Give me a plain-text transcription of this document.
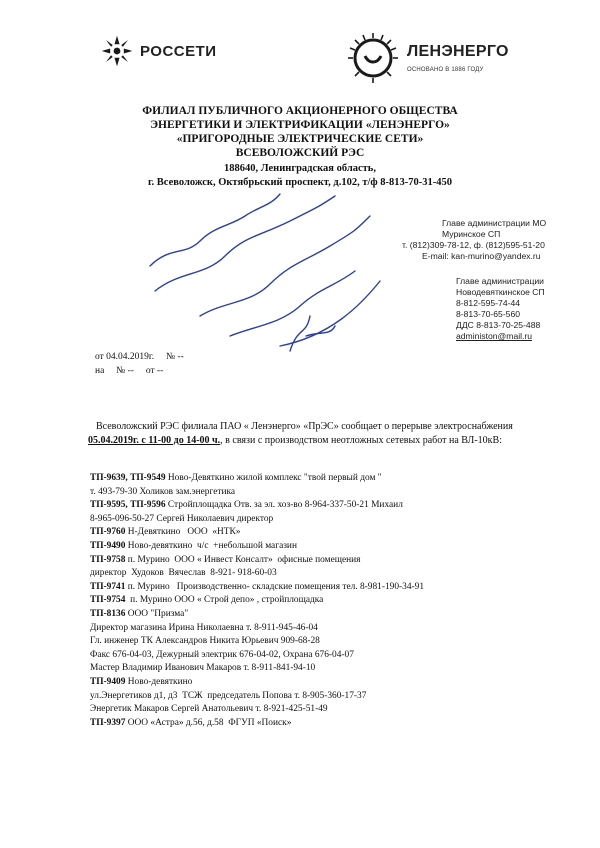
РОССЕТИ	ЛЕНЭНЕРГО
ОСНОВАНО В 1886 ГОДУ
ФИЛИАЛ ПУБЛИЧНОГО АКЦИОНЕРНОГО ОБЩЕСТВА
ЭНЕРГЕТИКИ И ЭЛЕКТРИФИКАЦИИ «ЛЕНЭНЕРГО»
«ПРИГОРОДНЫЕ ЭЛЕКТРИЧЕСКИЕ СЕТИ»
ВСЕВОЛОЖСКИЙ РЭС
188640, Ленинградская область,
г. Всеволожск, Октябрьский проспект, д.102, т/ф 8-813-70-31-450
Главе администрации МО
Муринское СП
т. (812)309-78-12, ф. (812)595-51-20
E-mail: kan-murino@yandex.ru
Главе администрации
Новодевяткинское СП
8-812-595-74-44
8-813-70-65-560
ДДС 8-813-70-25-488
administon@mail.ru
от 04.04.2019г.     № --
на     № --     от --
Всеволожский РЭС филиала ПАО « Ленэнерго» «ПрЭС» сообщает о перерыве электроснабжения
05.04.2019г. с 11-00 до 14-00 ч., в связи с производством неотложных сетевых работ на ВЛ-10кВ:
ТП-9639, ТП-9549 Ново-Девяткино жилой комплекс "твой первый дом "
т. 493-79-30 Холиков зам.энергетика
ТП-9595, ТП-9596 Стройплощадка Отв. за эл. хоз-во 8-964-337-50-21 Михаил
8-965-096-50-27 Сергей Николаевич директор
ТП-9760 Н-Девяткино   ООО  «НТК»
ТП-9490 Ново-девяткино  ч/с  +небольшой магазин
ТП-9758 п. Мурино  ООО « Инвест Консалт»  офисные помещения
директор  Худоков  Вячеслав  8-921- 918-60-03
ТП-9741 п. Мурино   Производственно- складские помещения тел. 8-981-190-34-91
ТП-9754  п. Мурино ООО « Строй депо» , стройплощадка
ТП-8136 ООО "Призма"
Директор магазина Ирина Николаевна т. 8-911-945-46-04
Гл. инженер ТК Александров Никита Юрьевич 909-68-28
Факс 676-04-03, Дежурный электрик 676-04-02, Охрана 676-04-07
Мастер Владимир Иванович Макаров т. 8-911-841-94-10
ТП-9409 Ново-девяткино
ул.Энергетиков д1, д3  ТСЖ  председатель Попова т. 8-905-360-17-37
Энергетик Макаров Сергей Анатольевич т. 8-921-425-51-49
ТП-9397 ООО «Астра» д.56, д.58  ФГУП «Поиск»
